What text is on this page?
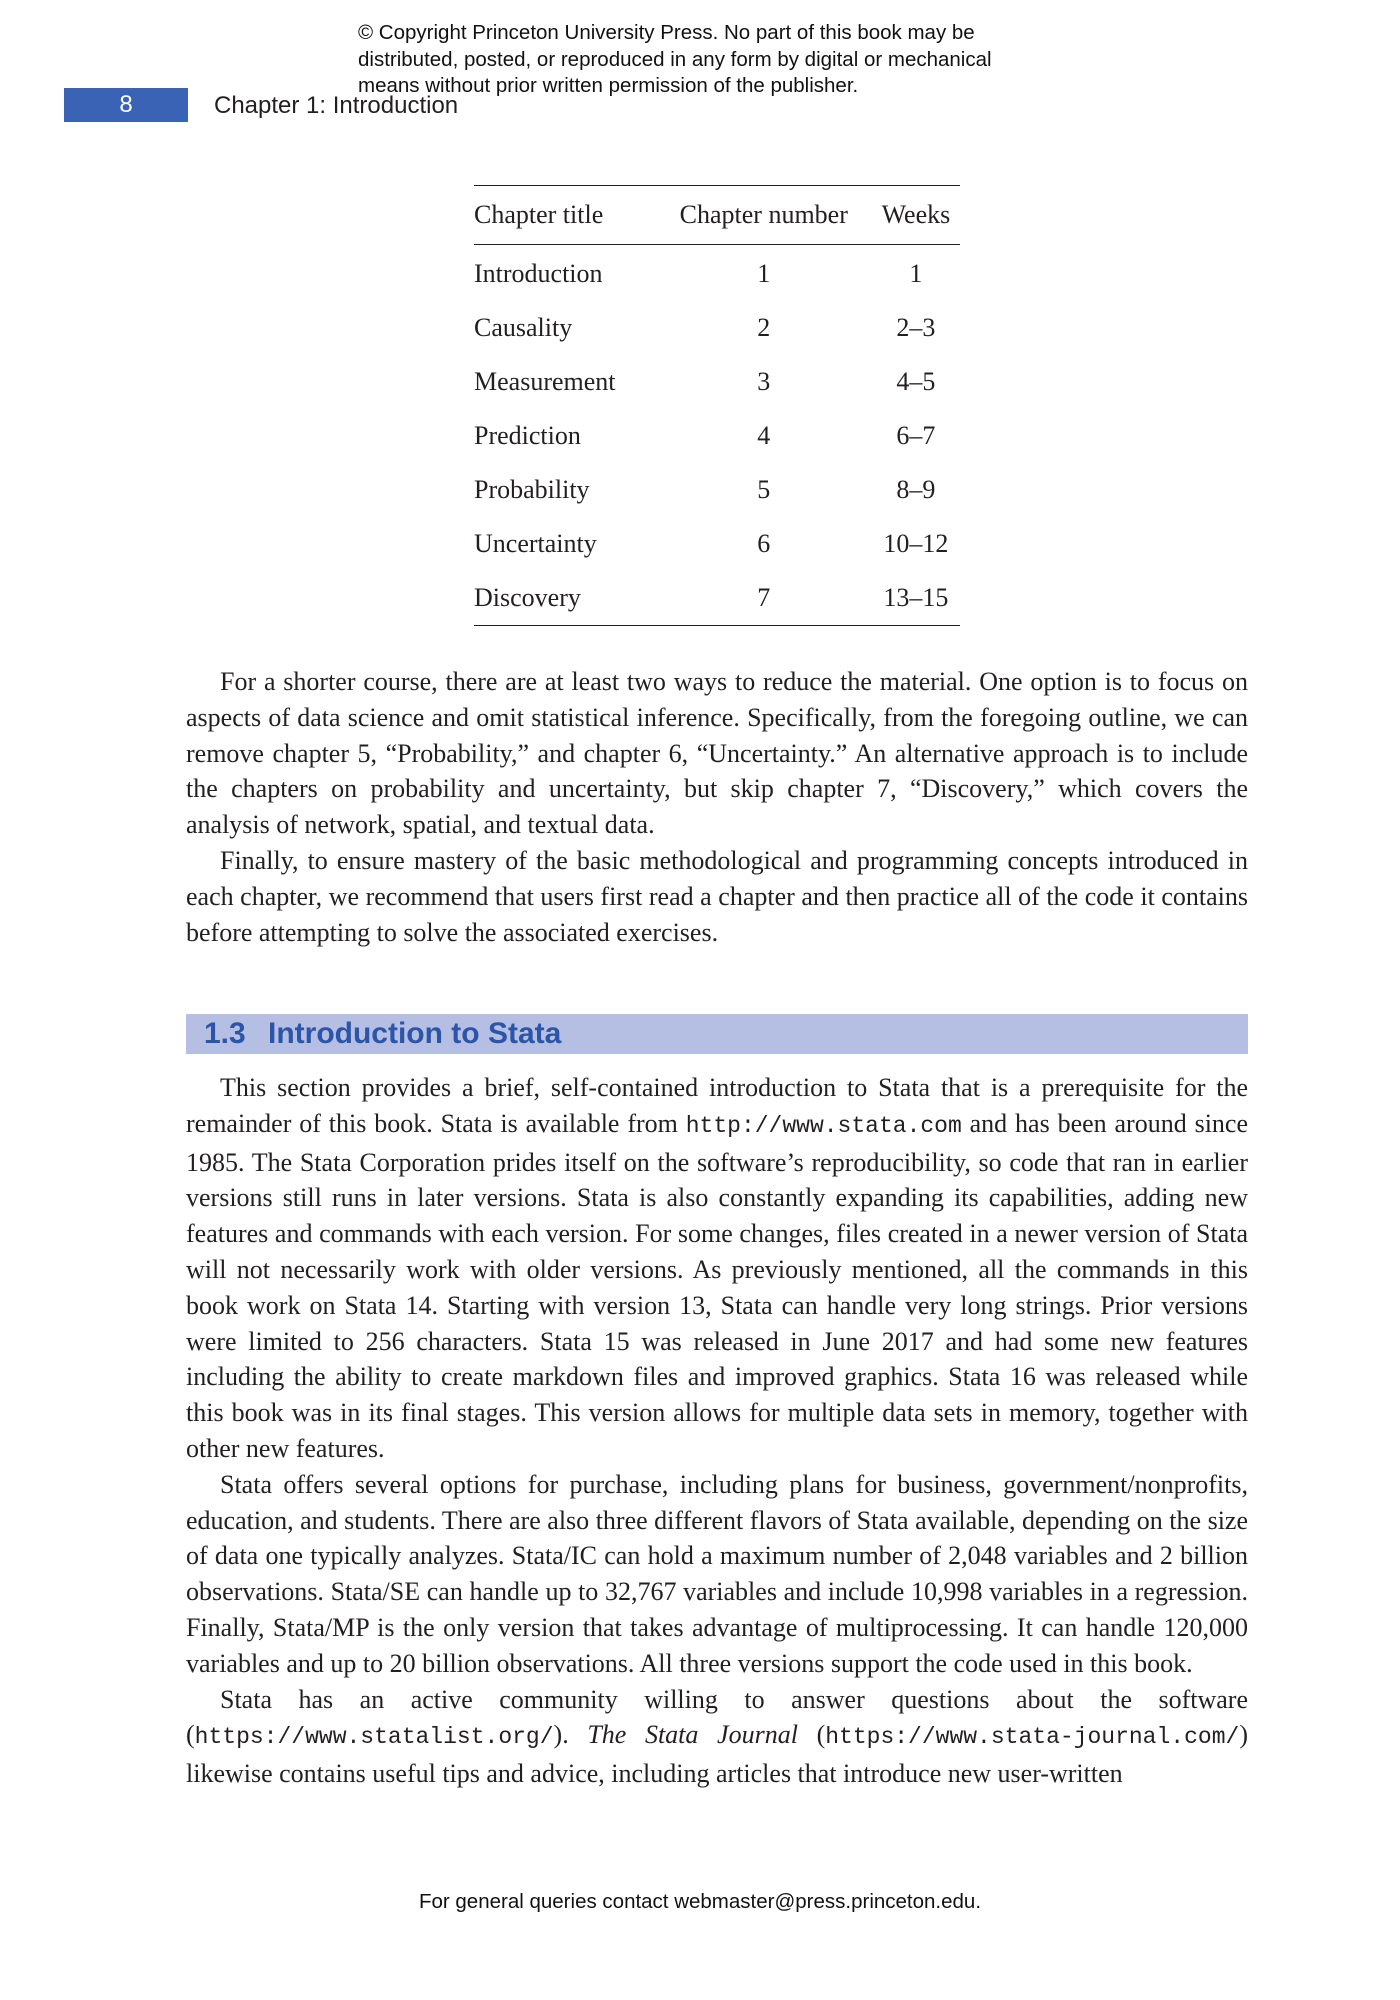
© Copyright Princeton University Press. No part of this book may be
distributed, posted, or reproduced in any form by digital or mechanical
means without prior written permission of the publisher.
8	Chapter 1: Introduction
Chapter title	Chapter number	Weeks
Introduction	1	1
Causality	2	2–3
Measurement	3	4–5
Prediction	4	6–7
Probability	5	8–9
Uncertainty	6	10–12
Discovery	7	13–15

For a shorter course, there are at least two ways to reduce the material. One option is to focus on aspects of data science and omit statistical inference. Specifically, from the foregoing outline, we can remove chapter 5, “Probability,” and chapter 6, “Uncertainty.” An alternative approach is to include the chapters on probability and uncertainty, but skip chapter 7, “Discovery,” which covers the analysis of network, spatial, and textual data.

Finally, to ensure mastery of the basic methodological and programming concepts introduced in each chapter, we recommend that users first read a chapter and then practice all of the code it contains before attempting to solve the associated exercises.

1.3 Introduction to Stata

This section provides a brief, self-contained introduction to Stata that is a prerequisite for the remainder of this book. Stata is available from http://www.stata.com and has been around since 1985. The Stata Corporation prides itself on the software’s reproducibility, so code that ran in earlier versions still runs in later versions. Stata is also constantly expanding its capabilities, adding new features and commands with each version. For some changes, files created in a newer version of Stata will not necessarily work with older versions. As previously mentioned, all the commands in this book work on Stata 14. Starting with version 13, Stata can handle very long strings. Prior versions were limited to 256 characters. Stata 15 was released in June 2017 and had some new features including the ability to create markdown files and improved graphics. Stata 16 was released while this book was in its final stages. This version allows for multiple data sets in memory, together with other new features.

Stata offers several options for purchase, including plans for business, government/nonprofits, education, and students. There are also three different flavors of Stata available, depending on the size of data one typically analyzes. Stata/IC can hold a maximum number of 2,048 variables and 2 billion observations. Stata/SE can handle up to 32,767 variables and include 10,998 variables in a regression. Finally, Stata/MP is the only version that takes advantage of multiprocessing. It can handle 120,000 variables and up to 20 billion observations. All three versions support the code used in this book.

Stata has an active community willing to answer questions about the software (https://www.statalist.org/). The Stata Journal (https://www.stata-journal.com/) likewise contains useful tips and advice, including articles that introduce new user-written

For general queries contact webmaster@press.princeton.edu.
